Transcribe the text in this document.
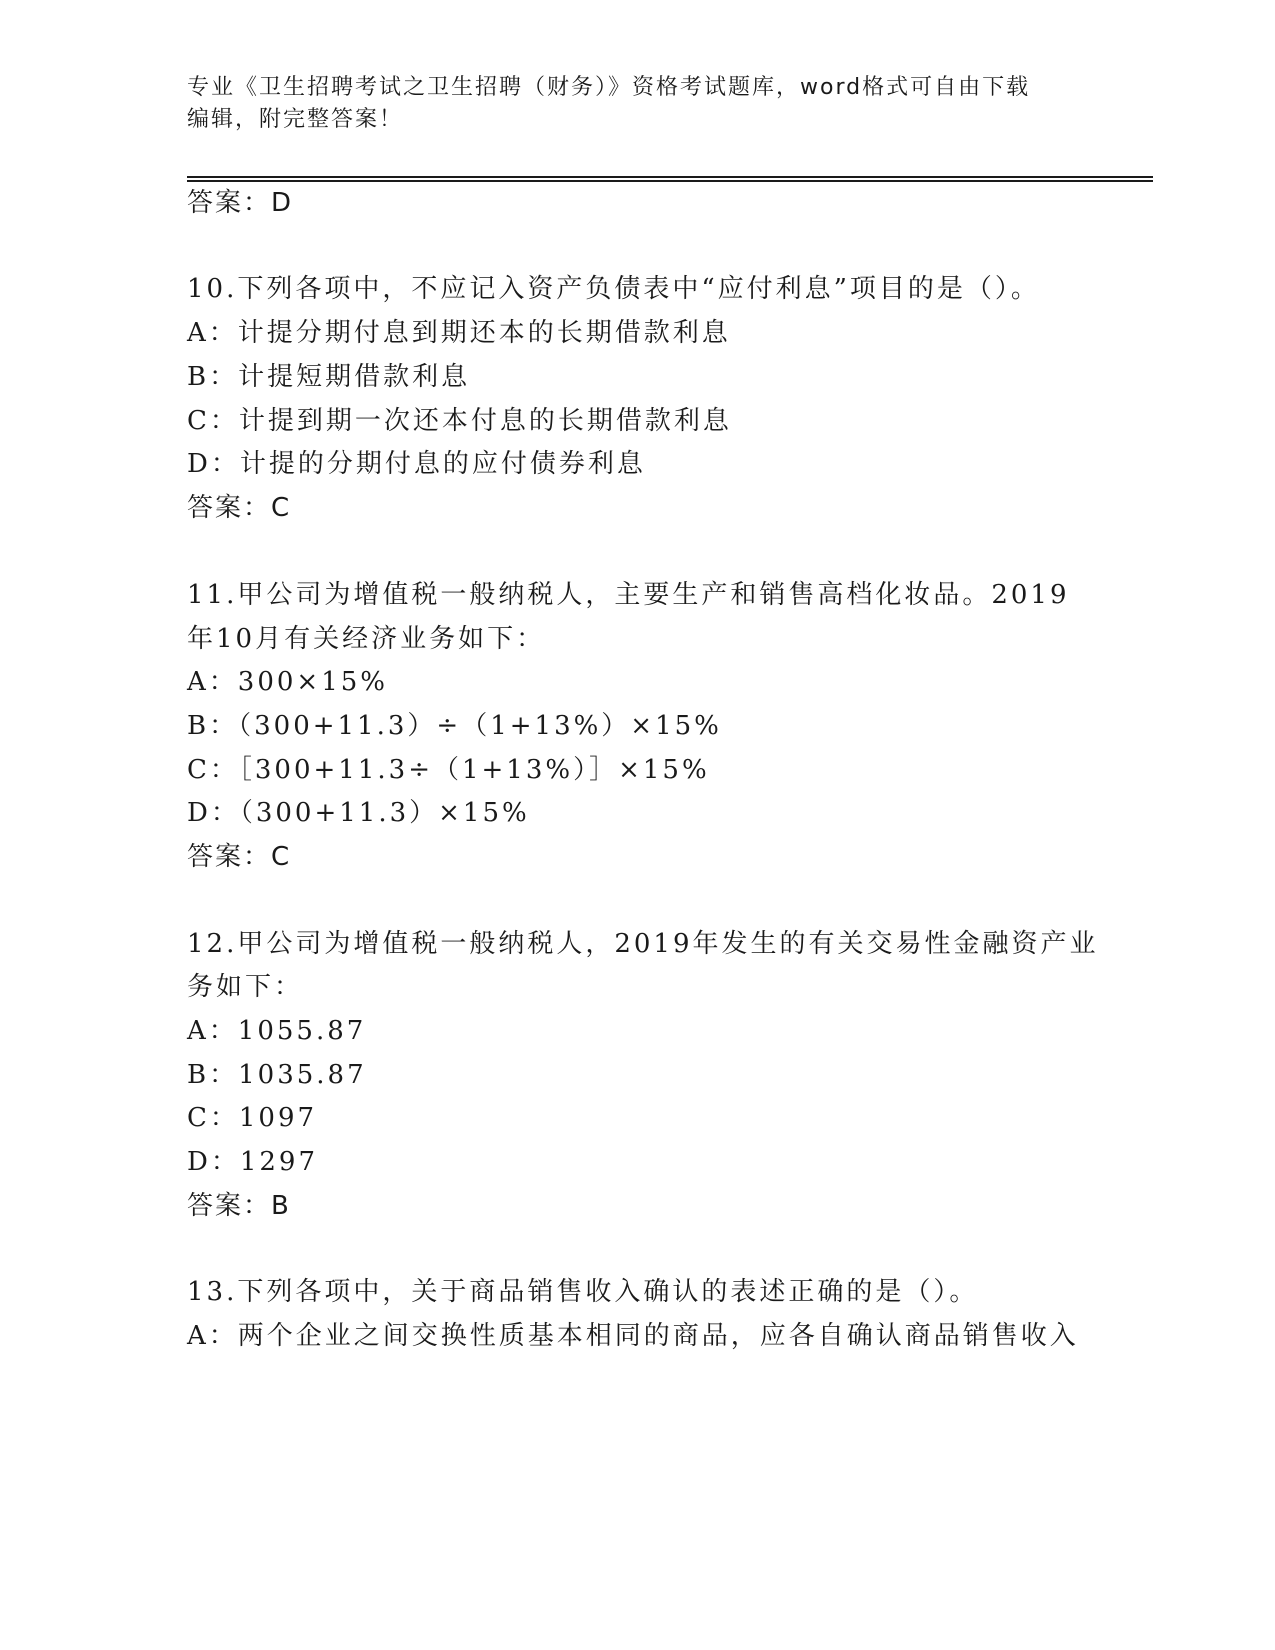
专业《卫生招聘考试之卫生招聘（财务）》资格考试题库，word格式可自由下载
编辑，附完整答案！
答案：D
10.下列各项中，不应记入资产负债表中“应付利息”项目的是（）。
A：计提分期付息到期还本的长期借款利息
B：计提短期借款利息
C：计提到期一次还本付息的长期借款利息
D：计提的分期付息的应付债券利息
答案：C
11.甲公司为增值税一般纳税人，主要生产和销售高档化妆品。2019
年10月有关经济业务如下：
A：300×15%
B：（300+11.3）÷（1+13%）×15%
C：［300+11.3÷（1+13%）］×15%
D：（300+11.3）×15%
答案：C
12.甲公司为增值税一般纳税人，2019年发生的有关交易性金融资产业
务如下：
A：1055.87
B：1035.87
C：1097
D：1297
答案：B
13.下列各项中，关于商品销售收入确认的表述正确的是（）。
A：两个企业之间交换性质基本相同的商品，应各自确认商品销售收入
